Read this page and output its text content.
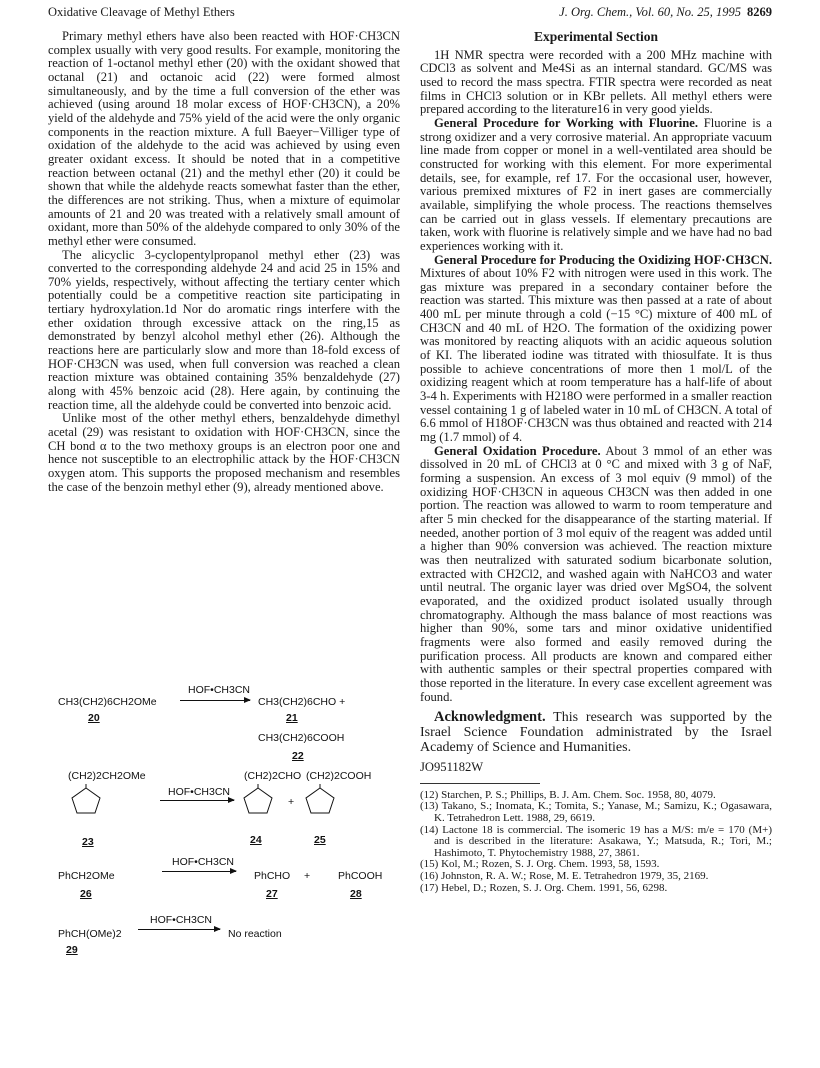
Oxidative Cleavage of Methyl Ethers	J. Org. Chem., Vol. 60, No. 25, 1995 8269

Primary methyl ethers have also been reacted with HOF·CH3CN complex usually with very good results. For example, monitoring the reaction of 1-octanol methyl ether (20) with the oxidant showed that octanal (21) and octanoic acid (22) were formed almost simultaneously, and by the time a full conversion of the ether was achieved (using around 18 molar excess of HOF·CH3CN), a 20% yield of the aldehyde and 75% yield of the acid were the only organic components in the reaction mixture. A full Baeyer−Villiger type of oxidation of the aldehyde to the acid was achieved by using even greater oxidant excess. It should be noted that in a competitive reaction between octanal (21) and the methyl ether (20) it could be shown that while the aldehyde reacts somewhat faster than the ether, the differences are not striking. Thus, when a mixture of equimolar amounts of 21 and 20 was treated with a relatively small amount of oxidant, more than 50% of the aldehyde compared to only 30% of the methyl ether were consumed.

The alicyclic 3-cyclopentylpropanol methyl ether (23) was converted to the corresponding aldehyde 24 and acid 25 in 15% and 70% yields, respectively, without affecting the tertiary center which potentially could be a competitive reaction site participating in tertiary hydroxylation.1d Nor do aromatic rings interfere with the ether oxidation through excessive attack on the ring,15 as demonstrated by benzyl alcohol methyl ether (26). Although the reactions here are particularly slow and more than 18-fold excess of HOF·CH3CN was used, when full conversion was reached a clean reaction mixture was obtained containing 35% benzaldehyde (27) along with 45% benzoic acid (28). Here again, by continuing the reaction time, all the aldehyde could be converted into benzoic acid.

Unlike most of the other methyl ethers, benzaldehyde dimethyl acetal (29) was resistant to oxidation with HOF·CH3CN, since the CH bond α to the two methoxy groups is an electron poor one and hence not susceptible to an electrophilic attack by the HOF·CH3CN oxygen atom. This supports the proposed mechanism and resembles the case of the benzoin methyl ether (9), already mentioned above.

CH3(CH2)6CH2OMe
20
HOF•CH3CN
CH3(CH2)6CHO +
21
CH3(CH2)6COOH
22
(CH2)2CH2OMe
23
HOF•CH3CN
(CH2)2CHO
24
+
(CH2)2COOH
25
PhCH2OMe
26
HOF•CH3CN
PhCHO +
27
PhCOOH
28
PhCH(OMe)2
29
HOF•CH3CN
No reaction

Experimental Section

1H NMR spectra were recorded with a 200 MHz machine with CDCl3 as solvent and Me4Si as an internal standard. GC/MS was used to record the mass spectra. FTIR spectra were recorded as neat films in CHCl3 solution or in KBr pellets. All methyl ethers were prepared according to the literature16 in very good yields.

General Procedure for Working with Fluorine. Fluorine is a strong oxidizer and a very corrosive material. An appropriate vacuum line made from copper or monel in a well-ventilated area should be constructed for working with this element. For more experimental details, see, for example, ref 17. For the occasional user, however, various premixed mixtures of F2 in inert gases are commercially available, simplifying the whole process. The reactions themselves can be carried out in glass vessels. If elementary precautions are taken, work with fluorine is relatively simple and we have had no bad experiences working with it.

General Procedure for Producing the Oxidizing HOF·CH3CN. Mixtures of about 10% F2 with nitrogen were used in this work. The gas mixture was prepared in a secondary container before the reaction was started. This mixture was then passed at a rate of about 400 mL per minute through a cold (−15 °C) mixture of 400 mL of CH3CN and 40 mL of H2O. The formation of the oxidizing power was monitored by reacting aliquots with an acidic aqueous solution of KI. The liberated iodine was titrated with thiosulfate. It is thus possible to achieve concentrations of more then 1 mol/L of the oxidizing reagent which at room temperature has a half-life of about 3-4 h. Experiments with H218O were performed in a smaller reaction vessel containing 1 g of labeled water in 10 mL of CH3CN. A total of 6.6 mmol of H18OF·CH3CN was thus obtained and reacted with 214 mg (1.7 mmol) of 4.

General Oxidation Procedure. About 3 mmol of an ether was dissolved in 20 mL of CHCl3 at 0 °C and mixed with 3 g of NaF, forming a suspension. An excess of 3 mol equiv (9 mmol) of the oxidizing HOF·CH3CN in aqueous CH3CN was then added in one portion. The reaction was allowed to warm to room temperature and after 5 min checked for the disappearance of the starting material. If needed, another portion of 3 mol equiv of the reagent was added until a higher than 90% conversion was achieved. The reaction mixture was then neutralized with saturated sodium bicarbonate solution, extracted with CH2Cl2, and washed again with NaHCO3 and water until neutral. The organic layer was dried over MgSO4, the solvent evaporated, and the oxidized product isolated usually through chromatography. Although the mass balance of most reactions was higher than 90%, some tars and minor oxidative unidentified fragments were also formed and easily removed during the purification process. All products are known and compared either with authentic samples or their spectral properties compared with those reported in the literature. In every case excellent agreement was found.

Acknowledgment. This research was supported by the Israel Science Foundation administrated by the Israel Academy of Science and Humanities.

JO951182W

(12) Starchen, P. S.; Phillips, B. J. Am. Chem. Soc. 1958, 80, 4079.

(13) Takano, S.; Inomata, K.; Tomita, S.; Yanase, M.; Samizu, K.; Ogasawara, K. Tetrahedron Lett. 1988, 29, 6619.

(14) Lactone 18 is commercial. The isomeric 19 has a M/S: m/e = 170 (M+) and is described in the literature: Asakawa, Y.; Matsuda, R.; Tori, M.; Hashimoto, T. Phytochemistry 1988, 27, 3861.

(15) Kol, M.; Rozen, S. J. Org. Chem. 1993, 58, 1593.

(16) Johnston, R. A. W.; Rose, M. E. Tetrahedron 1979, 35, 2169.

(17) Hebel, D.; Rozen, S. J. Org. Chem. 1991, 56, 6298.
